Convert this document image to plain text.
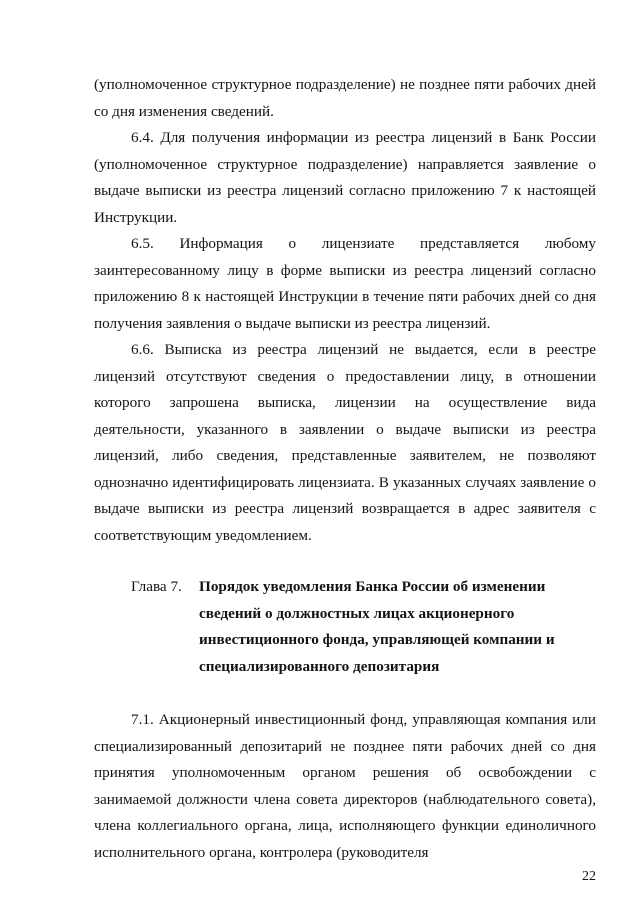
(уполномоченное структурное подразделение) не позднее пяти рабочих дней со дня изменения сведений.

6.4. Для получения информации из реестра лицензий в Банк России (уполномоченное структурное подразделение) направляется заявление о выдаче выписки из реестра лицензий согласно приложению 7 к настоящей Инструкции.

6.5. Информация о лицензиате представляется любому заинтересованному лицу в форме выписки из реестра лицензий согласно приложению 8 к настоящей Инструкции в течение пяти рабочих дней со дня получения заявления о выдаче выписки из реестра лицензий.

6.6. Выписка из реестра лицензий не выдается, если в реестре лицензий отсутствуют сведения о предоставлении лицу, в отношении которого запрошена выписка, лицензии на осуществление вида деятельности, указанного в заявлении о выдаче выписки из реестра лицензий, либо сведения, представленные заявителем, не позволяют однозначно идентифицировать лицензиата. В указанных случаях заявление о выдаче выписки из реестра лицензий возвращается в адрес заявителя с соответствующим уведомлением.

Глава 7. Порядок уведомления Банка России об изменении сведений о должностных лицах акционерного инвестиционного фонда, управляющей компании и специализированного депозитария

7.1. Акционерный инвестиционный фонд, управляющая компания или специализированный депозитарий не позднее пяти рабочих дней со дня принятия уполномоченным органом решения об освобождении с занимаемой должности члена совета директоров (наблюдательного совета), члена коллегиального органа, лица, исполняющего функции единоличного исполнительного органа, контролера (руководителя

22
